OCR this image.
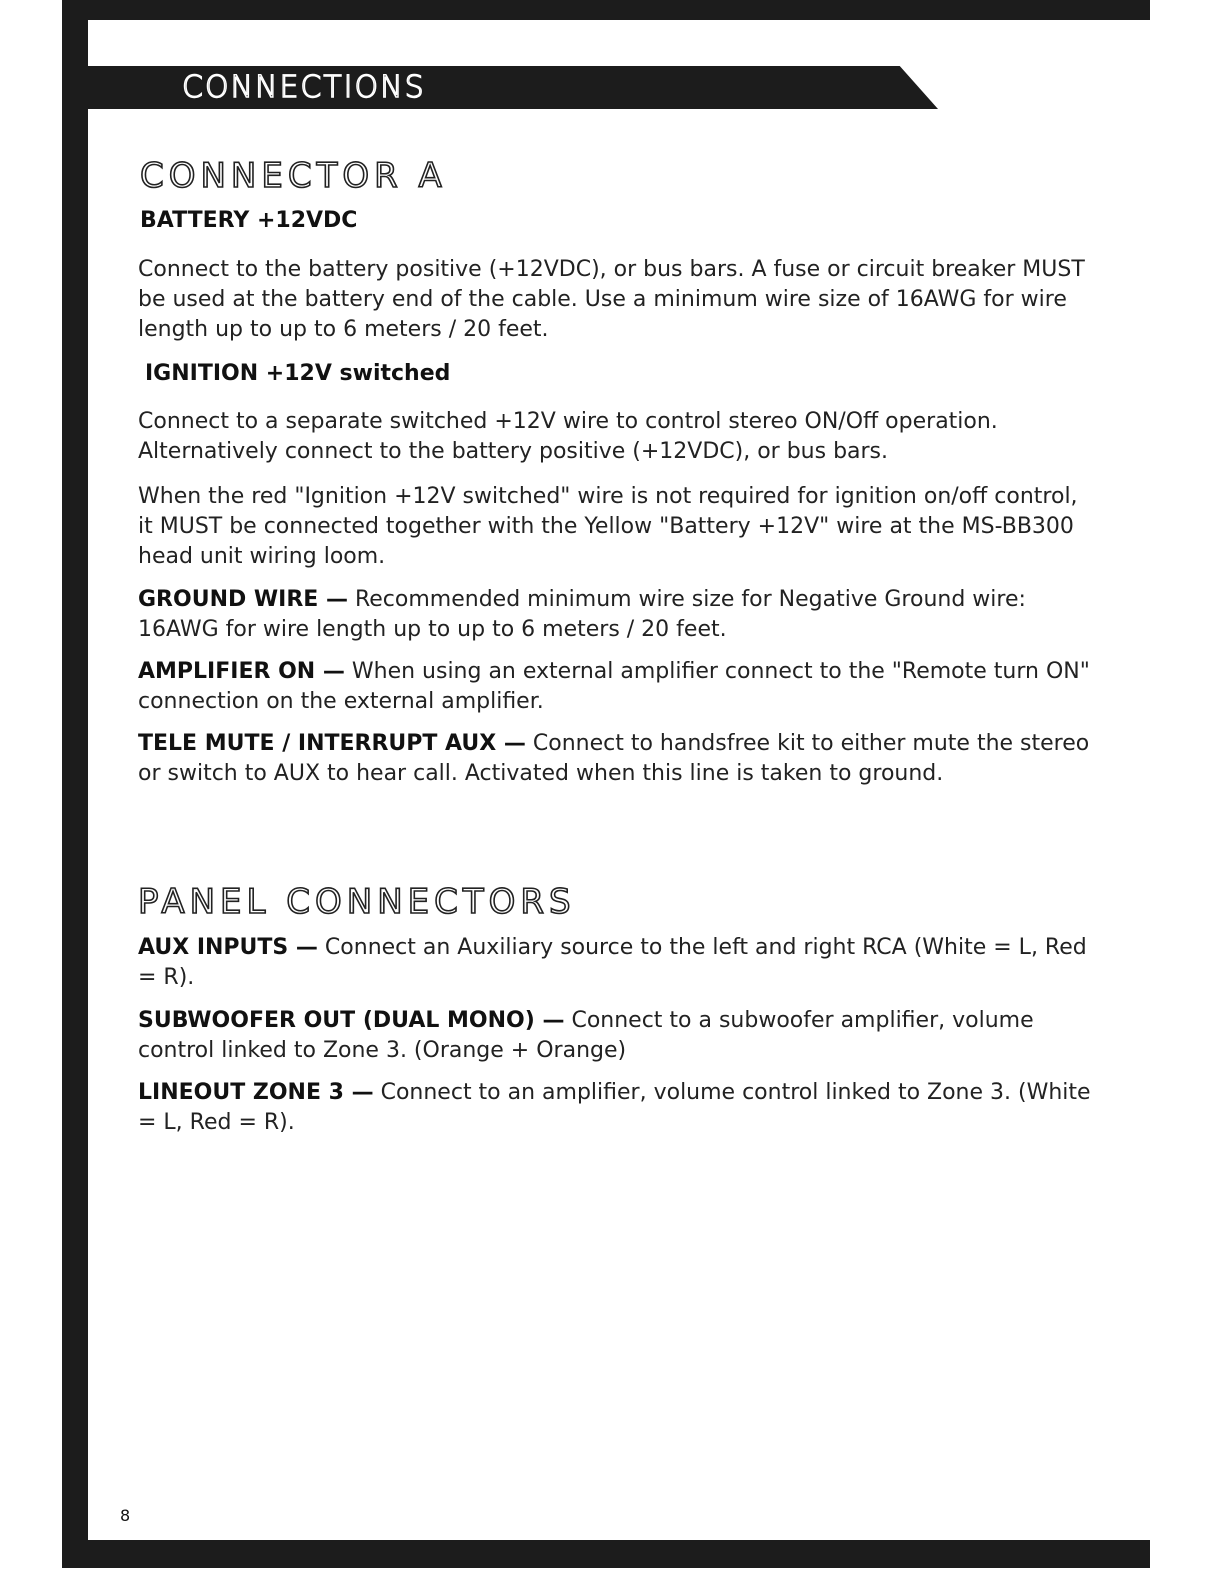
CONNECTIONS
CONNECTOR A
BATTERY +12VDC
Connect to the battery positive (+12VDC), or bus bars. A fuse or circuit breaker MUST be used at the battery end of the cable. Use a minimum wire size of 16AWG for wire length up to up to 6 meters / 20 feet.
IGNITION +12V switched
Connect to a separate switched +12V wire to control stereo ON/Off operation. Alternatively connect to the battery positive (+12VDC), or bus bars.
When the red "Ignition +12V switched" wire is not required for ignition on/off control, it MUST be connected together with the Yellow "Battery +12V" wire at the MS-BB300 head unit wiring loom.
GROUND WIRE — Recommended minimum wire size for Negative Ground wire: 16AWG for wire length up to up to 6 meters / 20 feet.
AMPLIFIER ON — When using an external amplifier connect to the "Remote turn ON" connection on the external amplifier.
TELE MUTE / INTERRUPT AUX — Connect to handsfree kit to either mute the stereo or switch to AUX to hear call. Activated when this line is taken to ground.
PANEL CONNECTORS
AUX INPUTS — Connect an Auxiliary source to the left and right RCA (White = L, Red = R).
SUBWOOFER OUT (DUAL MONO) — Connect to a subwoofer amplifier, volume control linked to Zone 3. (Orange + Orange)
LINEOUT ZONE 3 — Connect to an amplifier, volume control linked to Zone 3. (White = L, Red = R).
8
